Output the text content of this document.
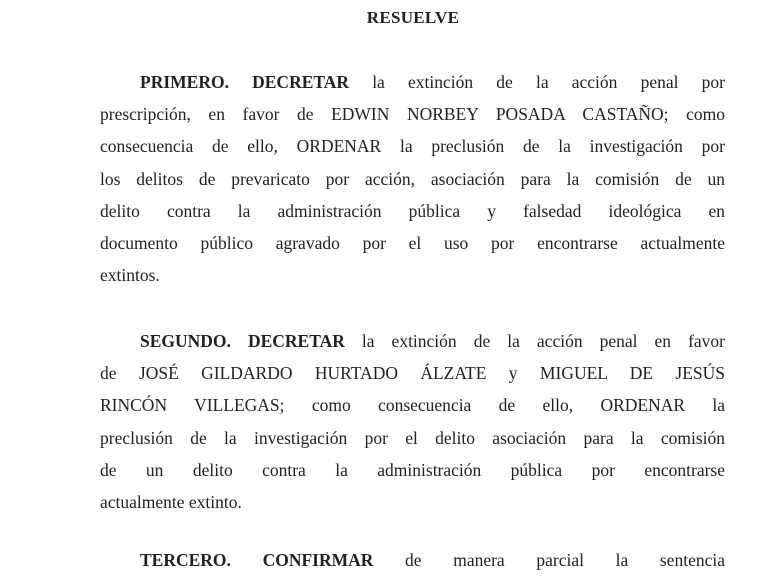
RESUELVE
PRIMERO. DECRETAR la extinción de la acción penal por
prescripción, en favor de EDWIN NORBEY POSADA CASTAÑO; como
consecuencia de ello, ORDENAR la preclusión de la investigación por
los delitos de prevaricato por acción, asociación para la comisión de un
delito contra la administración pública y falsedad ideológica en
documento público agravado por el uso por encontrarse actualmente
extintos.
SEGUNDO. DECRETAR la extinción de la acción penal en favor
de JOSÉ GILDARDO HURTADO ÁLZATE y MIGUEL DE JESÚS
RINCÓN VILLEGAS; como consecuencia de ello, ORDENAR la
preclusión de la investigación por el delito asociación para la comisión
de un delito contra la administración pública por encontrarse
actualmente extinto.
TERCERO. CONFIRMAR de manera parcial la sentencia
